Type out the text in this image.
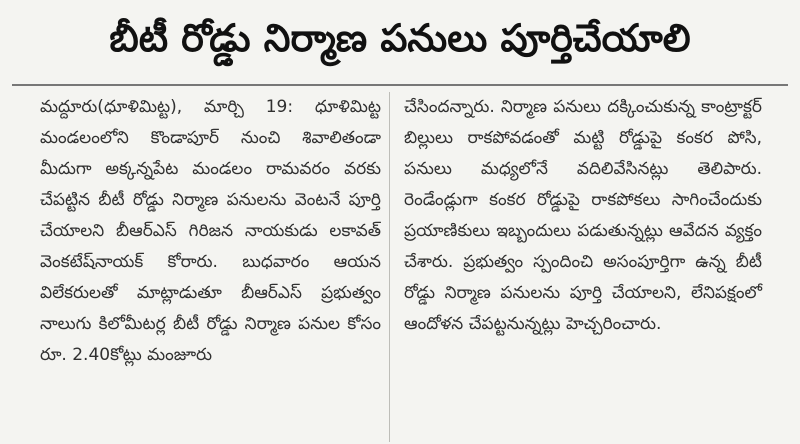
బీటీ రోడ్డు నిర్మాణ పనులు పూర్తిచేయాలి

మద్దూరు(ధూళిమిట్ట), మార్చి 19: ధూళిమిట్ట మండలంలోని కొండాపూర్ నుంచి శివాలితండా మీదుగా అక్కన్నపేట మండలం రామవరం వరకు చేపట్టిన బీటీ రోడ్డు నిర్మాణ పనులను వెంటనే పూర్తి చేయాలని బీఆర్ఎస్ గిరిజన నాయకుడు లకావత్ వెంకటేష్‌నాయక్ కోరారు. బుధవారం ఆయన విలేకరులతో మాట్లాడుతూ బీఆర్ఎస్ ప్రభుత్వం నాలుగు కిలోమీటర్ల బీటీ రోడ్డు నిర్మాణ పనుల కోసం రూ. 2.40కోట్లు మంజూరు

చేసిందన్నారు. నిర్మాణ పనులు దక్కించుకున్న కాంట్రాక్టర్ బిల్లులు రాకపోవడంతో మట్టి రోడ్డుపై కంకర పోసి, పనులు మధ్యలోనే వదిలివేసినట్లు తెలిపారు. రెండేండ్లుగా కంకర రోడ్డుపై రాకపోకలు సాగించేందుకు ప్రయాణికులు ఇబ్బందులు పడుతున్నట్లు ఆవేదన వ్యక్తం చేశారు. ప్రభుత్వం స్పందించి అసంపూర్తిగా ఉన్న బీటీ రోడ్డు నిర్మాణ పనులను పూర్తి చేయాలని, లేనిపక్షంలో ఆందోళన చేపట్టనున్నట్లు హెచ్చరించారు.
